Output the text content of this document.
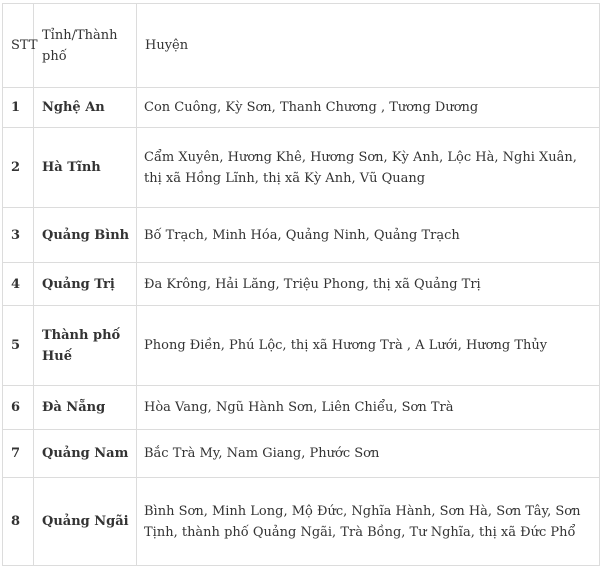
STT	Tỉnh/Thành phố	Huyện
1	Nghệ An	Con Cuông, Kỳ Sơn, Thanh Chương , Tương Dương
2	Hà Tĩnh	Cẩm Xuyên, Hương Khê, Hương Sơn, Kỳ Anh, Lộc Hà, Nghi Xuân, thị xã Hồng Lĩnh, thị xã Kỳ Anh, Vũ Quang
3	Quảng Bình	Bố Trạch, Minh Hóa, Quảng Ninh, Quảng Trạch
4	Quảng Trị	Đa Krông, Hải Lăng, Triệu Phong, thị xã Quảng Trị
5	Thành phố Huế	Phong Điền, Phú Lộc, thị xã Hương Trà , A Lưới, Hương Thủy
6	Đà Nẵng	Hòa Vang, Ngũ Hành Sơn, Liên Chiểu, Sơn Trà
7	Quảng Nam	Bắc Trà My, Nam Giang, Phước Sơn
8	Quảng Ngãi	Bình Sơn, Minh Long, Mộ Đức, Nghĩa Hành, Sơn Hà, Sơn Tây, Sơn Tịnh, thành phố Quảng Ngãi, Trà Bồng, Tư Nghĩa, thị xã Đức Phổ
